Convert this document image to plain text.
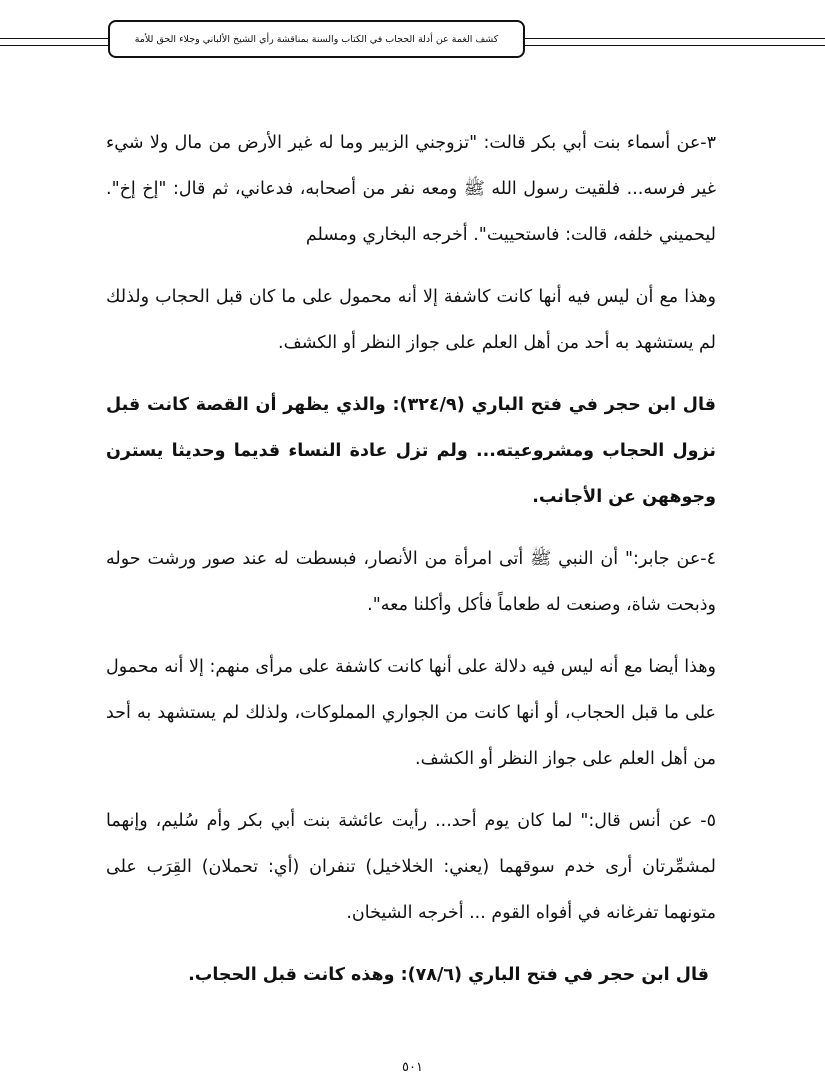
كشف الغمة عن أدلة الحجاب في الكتاب والسنة بمناقشة رأي الشيخ الألباني وجلاء الحق للأمة
٣-عن أسماء بنت أبي بكر قالت: "تزوجني الزبير وما له غير الأرض من مال ولا شيء غير فرسه... فلقيت رسول الله ﷺ ومعه نفر من أصحابه، فدعاني، ثم قال: "إخ إخ". ليحميني خلفه، قالت: فاستحييت". أخرجه البخاري ومسلم
وهذا مع أن ليس فيه أنها كانت كاشفة إلا أنه محمول على ما كان قبل الحجاب ولذلك لم يستشهد به أحد من أهل العلم على جواز النظر أو الكشف.
قال ابن حجر في فتح الباري (٣٢٤/٩): والذي يظهر أن القصة كانت قبل نزول الحجاب ومشروعيته... ولم تزل عادة النساء قديما وحديثا يسترن وجوههن عن الأجانب.
٤-عن جابر:" أن النبي ﷺ أتى امرأة من الأنصار، فبسطت له عند صور ورشت حوله وذبحت شاة، وصنعت له طعاماً فأكل وأكلنا معه".
وهذا أيضا مع أنه ليس فيه دلالة على أنها كانت كاشفة على مرأى منهم: إلا أنه محمول على ما قبل الحجاب، أو أنها كانت من الجواري المملوكات، ولذلك لم يستشهد به أحد من أهل العلم على جواز النظر أو الكشف.
٥- عن أنس قال:" لما كان يوم أحد... رأيت عائشة بنت أبي بكر وأم سُليم، وإنهما لمشمِّرتان أرى خدم سوقهما (يعني: الخلاخيل) تنفران (أي: تحملان) القِرَب على متونهما تفرغانه في أفواه القوم ... أخرجه الشيخان.
قال ابن حجر في فتح الباري (٧٨/٦): وهذه كانت قبل الحجاب.
٥٠١
